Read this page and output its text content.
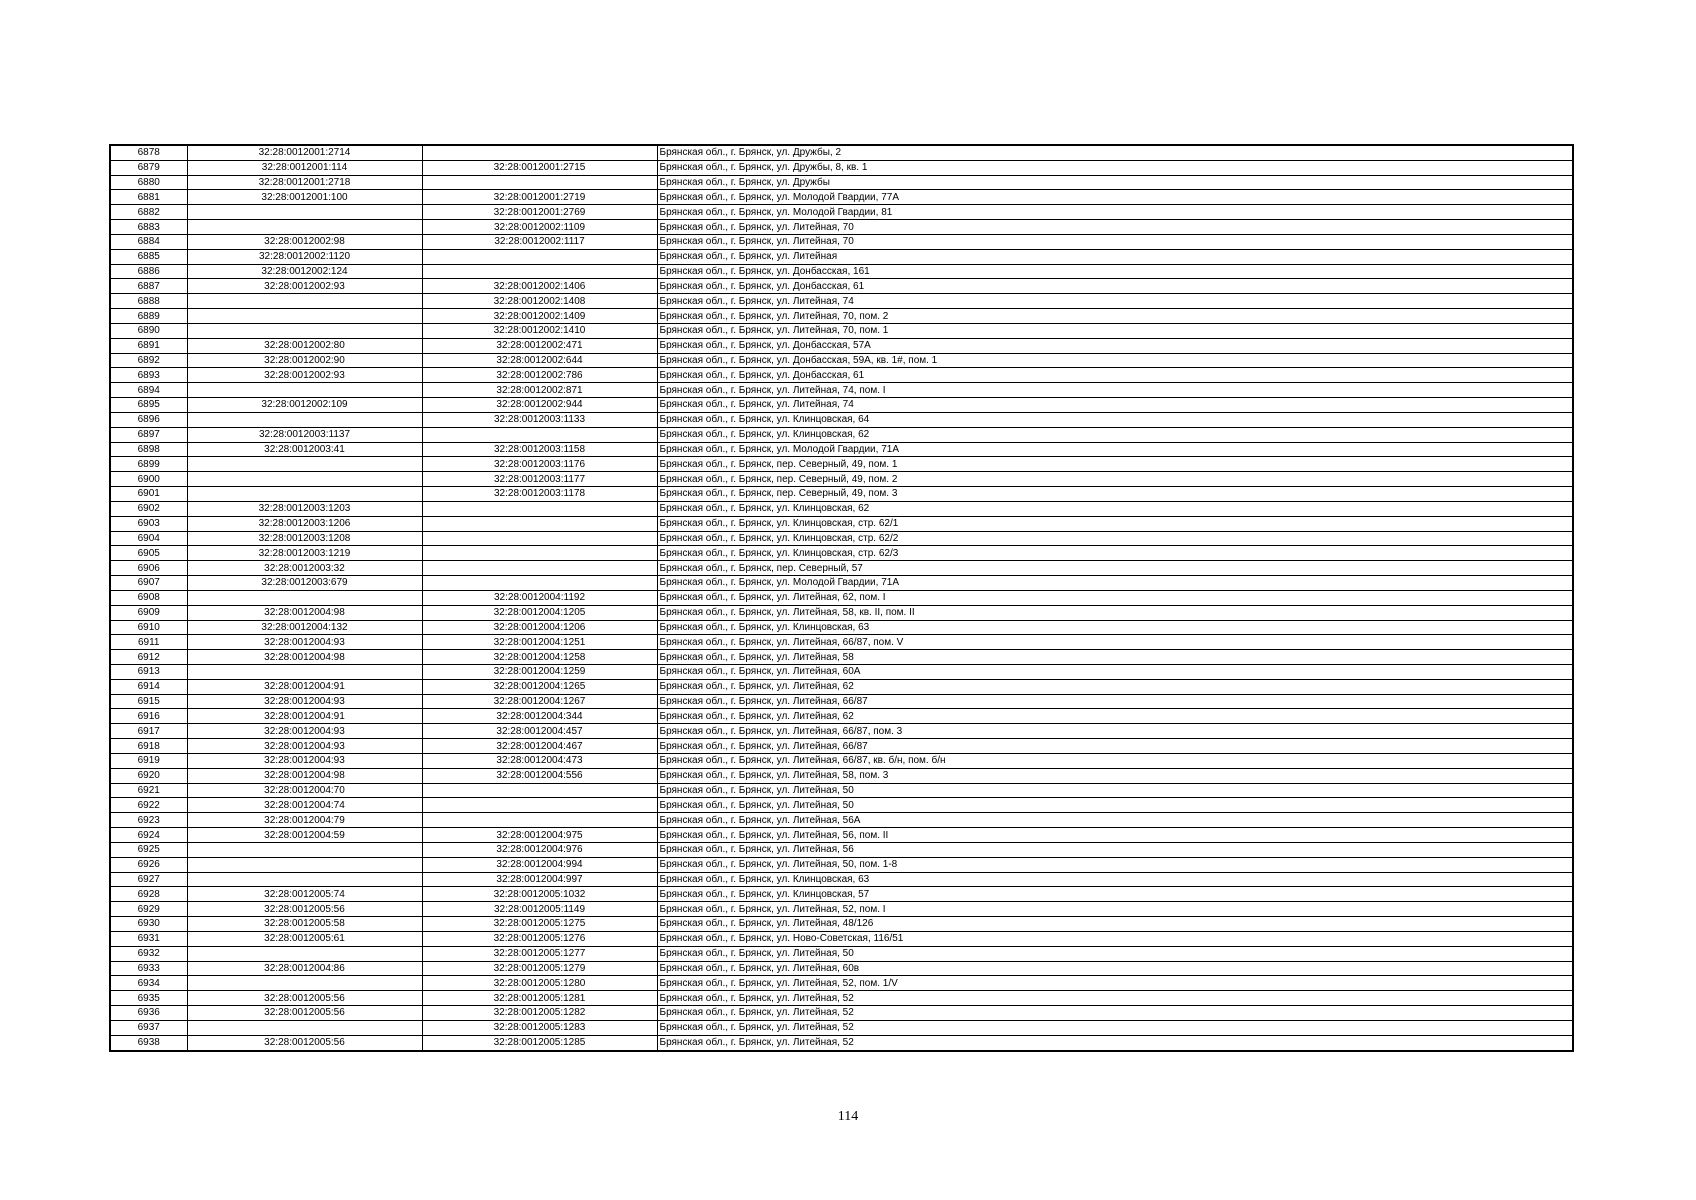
6878	32:28:0012001:2714		Брянская обл., г. Брянск, ул. Дружбы, 2
6879	32:28:0012001:114	32:28:0012001:2715	Брянская обл., г. Брянск, ул. Дружбы, 8, кв. 1
6880	32:28:0012001:2718		Брянская обл., г. Брянск, ул. Дружбы
6881	32:28:0012001:100	32:28:0012001:2719	Брянская обл., г. Брянск, ул. Молодой Гвардии, 77А
6882		32:28:0012001:2769	Брянская обл., г. Брянск, ул. Молодой Гвардии, 81
6883		32:28:0012002:1109	Брянская обл., г. Брянск, ул. Литейная, 70
6884	32:28:0012002:98	32:28:0012002:1117	Брянская обл., г. Брянск, ул. Литейная, 70
6885	32:28:0012002:1120		Брянская обл., г. Брянск, ул. Литейная
6886	32:28:0012002:124		Брянская обл., г. Брянск, ул. Донбасская, 161
6887	32:28:0012002:93	32:28:0012002:1406	Брянская обл., г. Брянск, ул. Донбасская, 61
6888		32:28:0012002:1408	Брянская обл., г. Брянск, ул. Литейная, 74
6889		32:28:0012002:1409	Брянская обл., г. Брянск, ул. Литейная, 70, пом. 2
6890		32:28:0012002:1410	Брянская обл., г. Брянск, ул. Литейная, 70, пом. 1
6891	32:28:0012002:80	32:28:0012002:471	Брянская обл., г. Брянск, ул. Донбасская, 57А
6892	32:28:0012002:90	32:28:0012002:644	Брянская обл., г. Брянск, ул. Донбасская, 59А, кв. 1#, пом. 1
6893	32:28:0012002:93	32:28:0012002:786	Брянская обл., г. Брянск, ул. Донбасская, 61
6894		32:28:0012002:871	Брянская обл., г. Брянск, ул. Литейная, 74, пом. I
6895	32:28:0012002:109	32:28:0012002:944	Брянская обл., г. Брянск, ул. Литейная, 74
6896		32:28:0012003:1133	Брянская обл., г. Брянск, ул. Клинцовская, 64
6897	32:28:0012003:1137		Брянская обл., г. Брянск, ул. Клинцовская, 62
6898	32:28:0012003:41	32:28:0012003:1158	Брянская обл., г. Брянск, ул. Молодой Гвардии, 71А
6899		32:28:0012003:1176	Брянская обл., г. Брянск, пер. Северный, 49, пом. 1
6900		32:28:0012003:1177	Брянская обл., г. Брянск, пер. Северный, 49, пом. 2
6901		32:28:0012003:1178	Брянская обл., г. Брянск, пер. Северный, 49, пом. 3
6902	32:28:0012003:1203		Брянская обл., г. Брянск, ул. Клинцовская, 62
6903	32:28:0012003:1206		Брянская обл., г. Брянск, ул. Клинцовская, стр. 62/1
6904	32:28:0012003:1208		Брянская обл., г. Брянск, ул. Клинцовская, стр. 62/2
6905	32:28:0012003:1219		Брянская обл., г. Брянск, ул. Клинцовская, стр. 62/3
6906	32:28:0012003:32		Брянская обл., г. Брянск, пер. Северный, 57
6907	32:28:0012003:679		Брянская обл., г. Брянск, ул. Молодой Гвардии, 71А
6908		32:28:0012004:1192	Брянская обл., г. Брянск, ул. Литейная, 62, пом. I
6909	32:28:0012004:98	32:28:0012004:1205	Брянская обл., г. Брянск, ул. Литейная, 58, кв. II, пом. II
6910	32:28:0012004:132	32:28:0012004:1206	Брянская обл., г. Брянск, ул. Клинцовская, 63
6911	32:28:0012004:93	32:28:0012004:1251	Брянская обл., г. Брянск, ул. Литейная, 66/87, пом. V
6912	32:28:0012004:98	32:28:0012004:1258	Брянская обл., г. Брянск, ул. Литейная, 58
6913		32:28:0012004:1259	Брянская обл., г. Брянск, ул. Литейная, 60А
6914	32:28:0012004:91	32:28:0012004:1265	Брянская обл., г. Брянск, ул. Литейная, 62
6915	32:28:0012004:93	32:28:0012004:1267	Брянская обл., г. Брянск, ул. Литейная, 66/87
6916	32:28:0012004:91	32:28:0012004:344	Брянская обл., г. Брянск, ул. Литейная, 62
6917	32:28:0012004:93	32:28:0012004:457	Брянская обл., г. Брянск, ул. Литейная, 66/87, пом. 3
6918	32:28:0012004:93	32:28:0012004:467	Брянская обл., г. Брянск, ул. Литейная, 66/87
6919	32:28:0012004:93	32:28:0012004:473	Брянская обл., г. Брянск, ул. Литейная, 66/87, кв. б/н, пом. б/н
6920	32:28:0012004:98	32:28:0012004:556	Брянская обл., г. Брянск, ул. Литейная, 58, пом. 3
6921	32:28:0012004:70		Брянская обл., г. Брянск, ул. Литейная, 50
6922	32:28:0012004:74		Брянская обл., г. Брянск, ул. Литейная, 50
6923	32:28:0012004:79		Брянская обл., г. Брянск, ул. Литейная, 56А
6924	32:28:0012004:59	32:28:0012004:975	Брянская обл., г. Брянск, ул. Литейная, 56, пом. II
6925		32:28:0012004:976	Брянская обл., г. Брянск, ул. Литейная, 56
6926		32:28:0012004:994	Брянская обл., г. Брянск, ул. Литейная, 50, пом. 1-8
6927		32:28:0012004:997	Брянская обл., г. Брянск, ул. Клинцовская, 63
6928	32:28:0012005:74	32:28:0012005:1032	Брянская обл., г. Брянск, ул. Клинцовская, 57
6929	32:28:0012005:56	32:28:0012005:1149	Брянская обл., г. Брянск, ул. Литейная, 52, пом. I
6930	32:28:0012005:58	32:28:0012005:1275	Брянская обл., г. Брянск, ул. Литейная, 48/126
6931	32:28:0012005:61	32:28:0012005:1276	Брянская обл., г. Брянск, ул. Ново-Советская, 116/51
6932		32:28:0012005:1277	Брянская обл., г. Брянск, ул. Литейная, 50
6933	32:28:0012004:86	32:28:0012005:1279	Брянская обл., г. Брянск, ул. Литейная, 60в
6934		32:28:0012005:1280	Брянская обл., г. Брянск, ул. Литейная, 52, пом. 1/V
6935	32:28:0012005:56	32:28:0012005:1281	Брянская обл., г. Брянск, ул. Литейная, 52
6936	32:28:0012005:56	32:28:0012005:1282	Брянская обл., г. Брянск, ул. Литейная, 52
6937		32:28:0012005:1283	Брянская обл., г. Брянск, ул. Литейная, 52
6938	32:28:0012005:56	32:28:0012005:1285	Брянская обл., г. Брянск, ул. Литейная, 52
114
